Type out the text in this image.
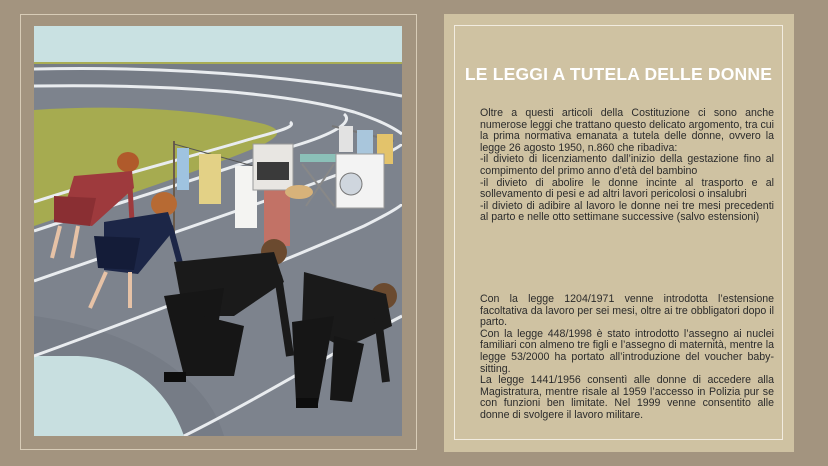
LE LEGGI A TUTELA DELLE DONNE

Oltre a questi articoli della Costituzione ci sono anche numerose leggi che trattano questo delicato argomento, tra cui la prima normativa emanata a tutela delle donne, ovvero la legge 26 agosto 1950, n.860 che ribadiva:

-il divieto di licenziamento dall’inizio della gestazione fino al compimento del primo anno d’età del bambino

-il divieto di abolire le donne incinte al trasporto e al sollevamento di pesi e ad altri lavori pericolosi o insalubri

-il divieto di adibire al lavoro le donne nei tre mesi precedenti al parto e nelle otto settimane successive (salvo estensioni)

Con la legge 1204/1971 venne introdotta l’estensione facoltativa da lavoro per sei mesi, oltre ai tre obbligatori dopo il parto.

Con la legge 448/1998 è stato introdotto l’assegno ai nuclei familiari con almeno tre figli e l’assegno di maternità, mentre la legge 53/2000 ha portato all’introduzione del voucher baby-sitting.

La legge 1441/1956 consentì alle donne di accedere alla Magistratura, mentre risale al 1959 l’accesso in Polizia pur se con funzioni ben limitate. Nel 1999 venne consentito alle donne di svolgere il lavoro militare.
